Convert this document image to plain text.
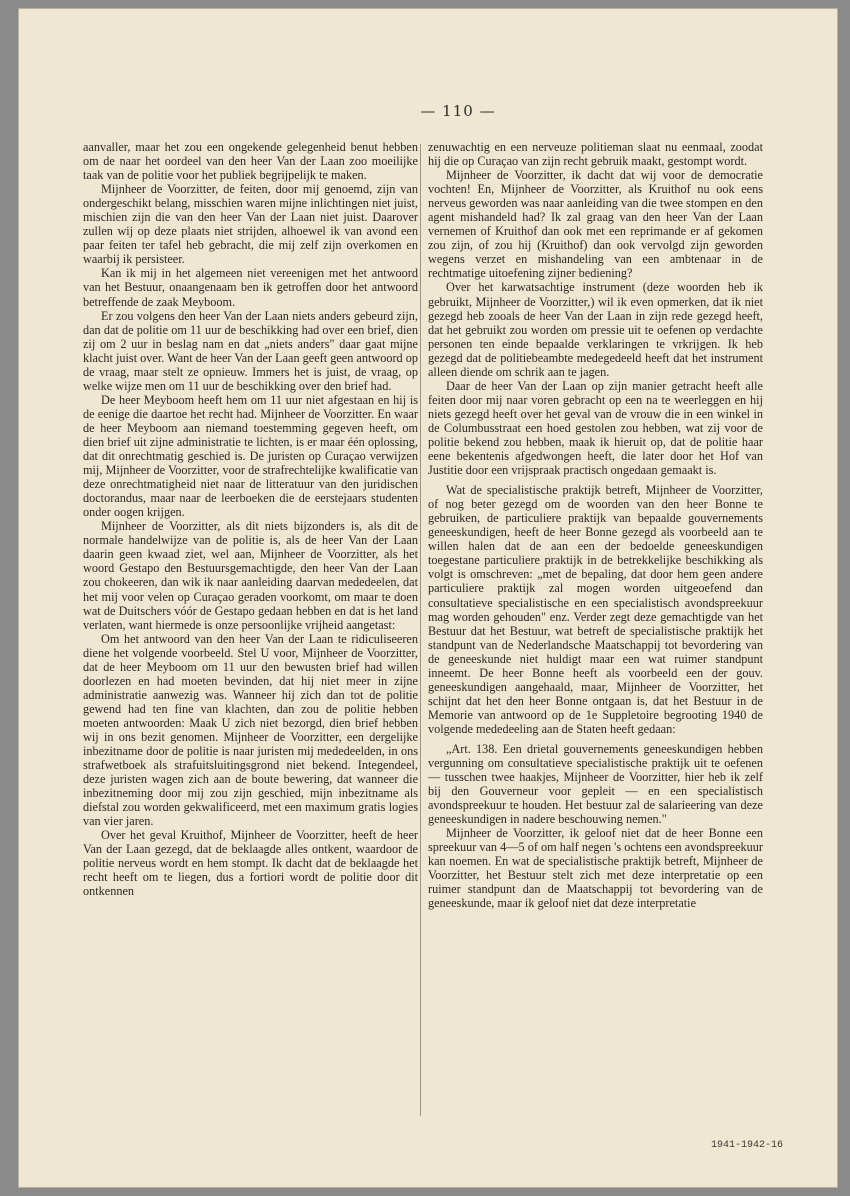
— 110 —

aanvaller, maar het zou een ongekende gelegenheid benut hebben om de naar het oordeel van den heer Van der Laan zoo moeilijke taak van de politie voor het publiek begrijpelijk te maken.

Mijnheer de Voorzitter, de feiten, door mij genoemd, zijn van ondergeschikt belang, misschien waren mijne inlichtingen niet juist, mischien zijn die van den heer Van der Laan niet juist. Daarover zullen wij op deze plaats niet strijden, alhoewel ik van avond een paar feiten ter tafel heb gebracht, die mij zelf zijn overkomen en waarbij ik persisteer.

Kan ik mij in het algemeen niet vereenigen met het antwoord van het Bestuur, onaangenaam ben ik getroffen door het antwoord betreffende de zaak Meyboom.

Er zou volgens den heer Van der Laan niets anders gebeurd zijn, dan dat de politie om 11 uur de beschikking had over een brief, dien zij om 2 uur in beslag nam en dat „niets anders" daar gaat mijne klacht juist over. Want de heer Van der Laan geeft geen antwoord op de vraag, maar stelt ze opnieuw. Immers het is juist, de vraag, op welke wijze men om 11 uur de beschikking over den brief had.

De heer Meyboom heeft hem om 11 uur niet afgestaan en hij is de eenige die daartoe het recht had. Mijnheer de Voorzitter. En waar de heer Meyboom aan niemand toestemming gegeven heeft, om dien brief uit zijne administratie te lichten, is er maar één oplossing, dat dit onrechtmatig geschied is. De juristen op Curaçao verwijzen mij, Mijnheer de Voorzitter, voor de strafrechtelijke kwalificatie van deze onrechtmatigheid niet naar de litteratuur van den juridischen doctorandus, maar naar de leerboeken die de eerstejaars studenten onder oogen krijgen.

Mijnheer de Voorzitter, als dit niets bijzonders is, als dit de normale handelwijze van de politie is, als de heer Van der Laan daarin geen kwaad ziet, wel aan, Mijnheer de Voorzitter, als het woord Gestapo den Bestuursgemachtigde, den heer Van der Laan zou chokeeren, dan wik ik naar aanleiding daarvan mededeelen, dat het mij voor velen op Curaçao geraden voorkomt, om maar te doen wat de Duitschers vóór de Gestapo gedaan hebben en dat is het land verlaten, want hiermede is onze persoonlijke vrijheid aangetast:

Om het antwoord van den heer Van der Laan te ridiculiseeren diene het volgende voorbeeld. Stel U voor, Mijnheer de Voorzitter, dat de heer Meyboom om 11 uur den bewusten brief had willen doorlezen en had moeten bevinden, dat hij niet meer in zijne administratie aanwezig was. Wanneer hij zich dan tot de politie gewend had ten fine van klachten, dan zou de politie hebben moeten antwoorden: Maak U zich niet bezorgd, dien brief hebben wij in ons bezit genomen. Mijnheer de Voorzitter, een dergelijke inbezitname door de politie is naar juristen mij mededeelden, in ons strafwetboek als strafuitsluitingsgrond niet bekend. Integendeel, deze juristen wagen zich aan de boute bewering, dat wanneer die inbezitneming door mij zou zijn geschied, mijn inbezitname als diefstal zou worden gekwalificeerd, met een maximum gratis logies van vier jaren.

Over het geval Kruithof, Mijnheer de Voorzitter, heeft de heer Van der Laan gezegd, dat de beklaagde alles ontkent, waardoor de politie nerveus wordt en hem stompt. Ik dacht dat de beklaagde het recht heeft om te liegen, dus a fortiori wordt de politie door dit ontkennen

zenuwachtig en een nerveuze politieman slaat nu eenmaal, zoodat hij die op Curaçao van zijn recht gebruik maakt, gestompt wordt.

Mijnheer de Voorzitter, ik dacht dat wij voor de democratie vochten! En, Mijnheer de Voorzitter, als Kruithof nu ook eens nerveus geworden was naar aanleiding van die twee stompen en den agent mishandeld had? Ik zal graag van den heer Van der Laan vernemen of Kruithof dan ook met een reprimande er af gekomen zou zijn, of zou hij (Kruithof) dan ook vervolgd zijn geworden wegens verzet en mishandeling van een ambtenaar in de rechtmatige uitoefening zijner bediening?

Over het karwatsachtige instrument (deze woorden heb ik gebruikt, Mijnheer de Voorzitter,) wil ik even opmerken, dat ik niet gezegd heb zooals de heer Van der Laan in zijn rede gezegd heeft, dat het gebruikt zou worden om pressie uit te oefenen op verdachte personen ten einde bepaalde verklaringen te vrkrijgen. Ik heb gezegd dat de politiebeambte medegedeeld heeft dat het instrument alleen diende om schrik aan te jagen.

Daar de heer Van der Laan op zijn manier getracht heeft alle feiten door mij naar voren gebracht op een na te weerleggen en hij niets gezegd heeft over het geval van de vrouw die in een winkel in de Columbusstraat een hoed gestolen zou hebben, wat zij voor de politie bekend zou hebben, maak ik hieruit op, dat de politie haar eene bekentenis afgedwongen heeft, die later door het Hof van Justitie door een vrijspraak practisch ongedaan gemaakt is.

Wat de specialistische praktijk betreft, Mijnheer de Voorzitter, of nog beter gezegd om de woorden van den heer Bonne te gebruiken, de particuliere praktijk van bepaalde gouvernements geneeskundigen, heeft de heer Bonne gezegd als voorbeeld aan te willen halen dat de aan een der bedoelde geneeskundigen toegestane particuliere praktijk in de betrekkelijke beschikking als volgt is omschreven: „met de bepaling, dat door hem geen andere particuliere praktijk zal mogen worden uitgeoefend dan consultatieve specialistische en een specialistisch avondspreekuur mag worden gehouden" enz. Verder zegt deze gemachtigde van het Bestuur dat het Bestuur, wat betreft de specialistische praktijk het standpunt van de Nederlandsche Maatschappij tot bevordering van de geneeskunde niet huldigt maar een wat ruimer standpunt inneemt. De heer Bonne heeft als voorbeeld een der gouv. geneeskundigen aangehaald, maar, Mijnheer de Voorzitter, het schijnt dat het den heer Bonne ontgaan is, dat het Bestuur in de Memorie van antwoord op de 1e Suppletoire begrooting 1940 de volgende mededeeling aan de Staten heeft gedaan:

„Art. 138. Een drietal gouvernements geneeskundigen hebben vergunning om consultatieve specialistische praktijk uit te oefenen — tusschen twee haakjes, Mijnheer de Voorzitter, hier heb ik zelf bij den Gouverneur voor gepleit — en een specialistisch avondspreekuur te houden. Het bestuur zal de salarieering van deze geneeskundigen in nadere beschouwing nemen."

Mijnheer de Voorzitter, ik geloof niet dat de heer Bonne een spreekuur van 4—5 of om half negen 's ochtens een avondspreekuur kan noemen. En wat de specialistische praktijk betreft, Mijnheer de Voorzitter, het Bestuur stelt zich met deze interpretatie op een ruimer standpunt dan de Maatschappij tot bevordering van de geneeskunde, maar ik geloof niet dat deze interpretatie

1941-1942-16
